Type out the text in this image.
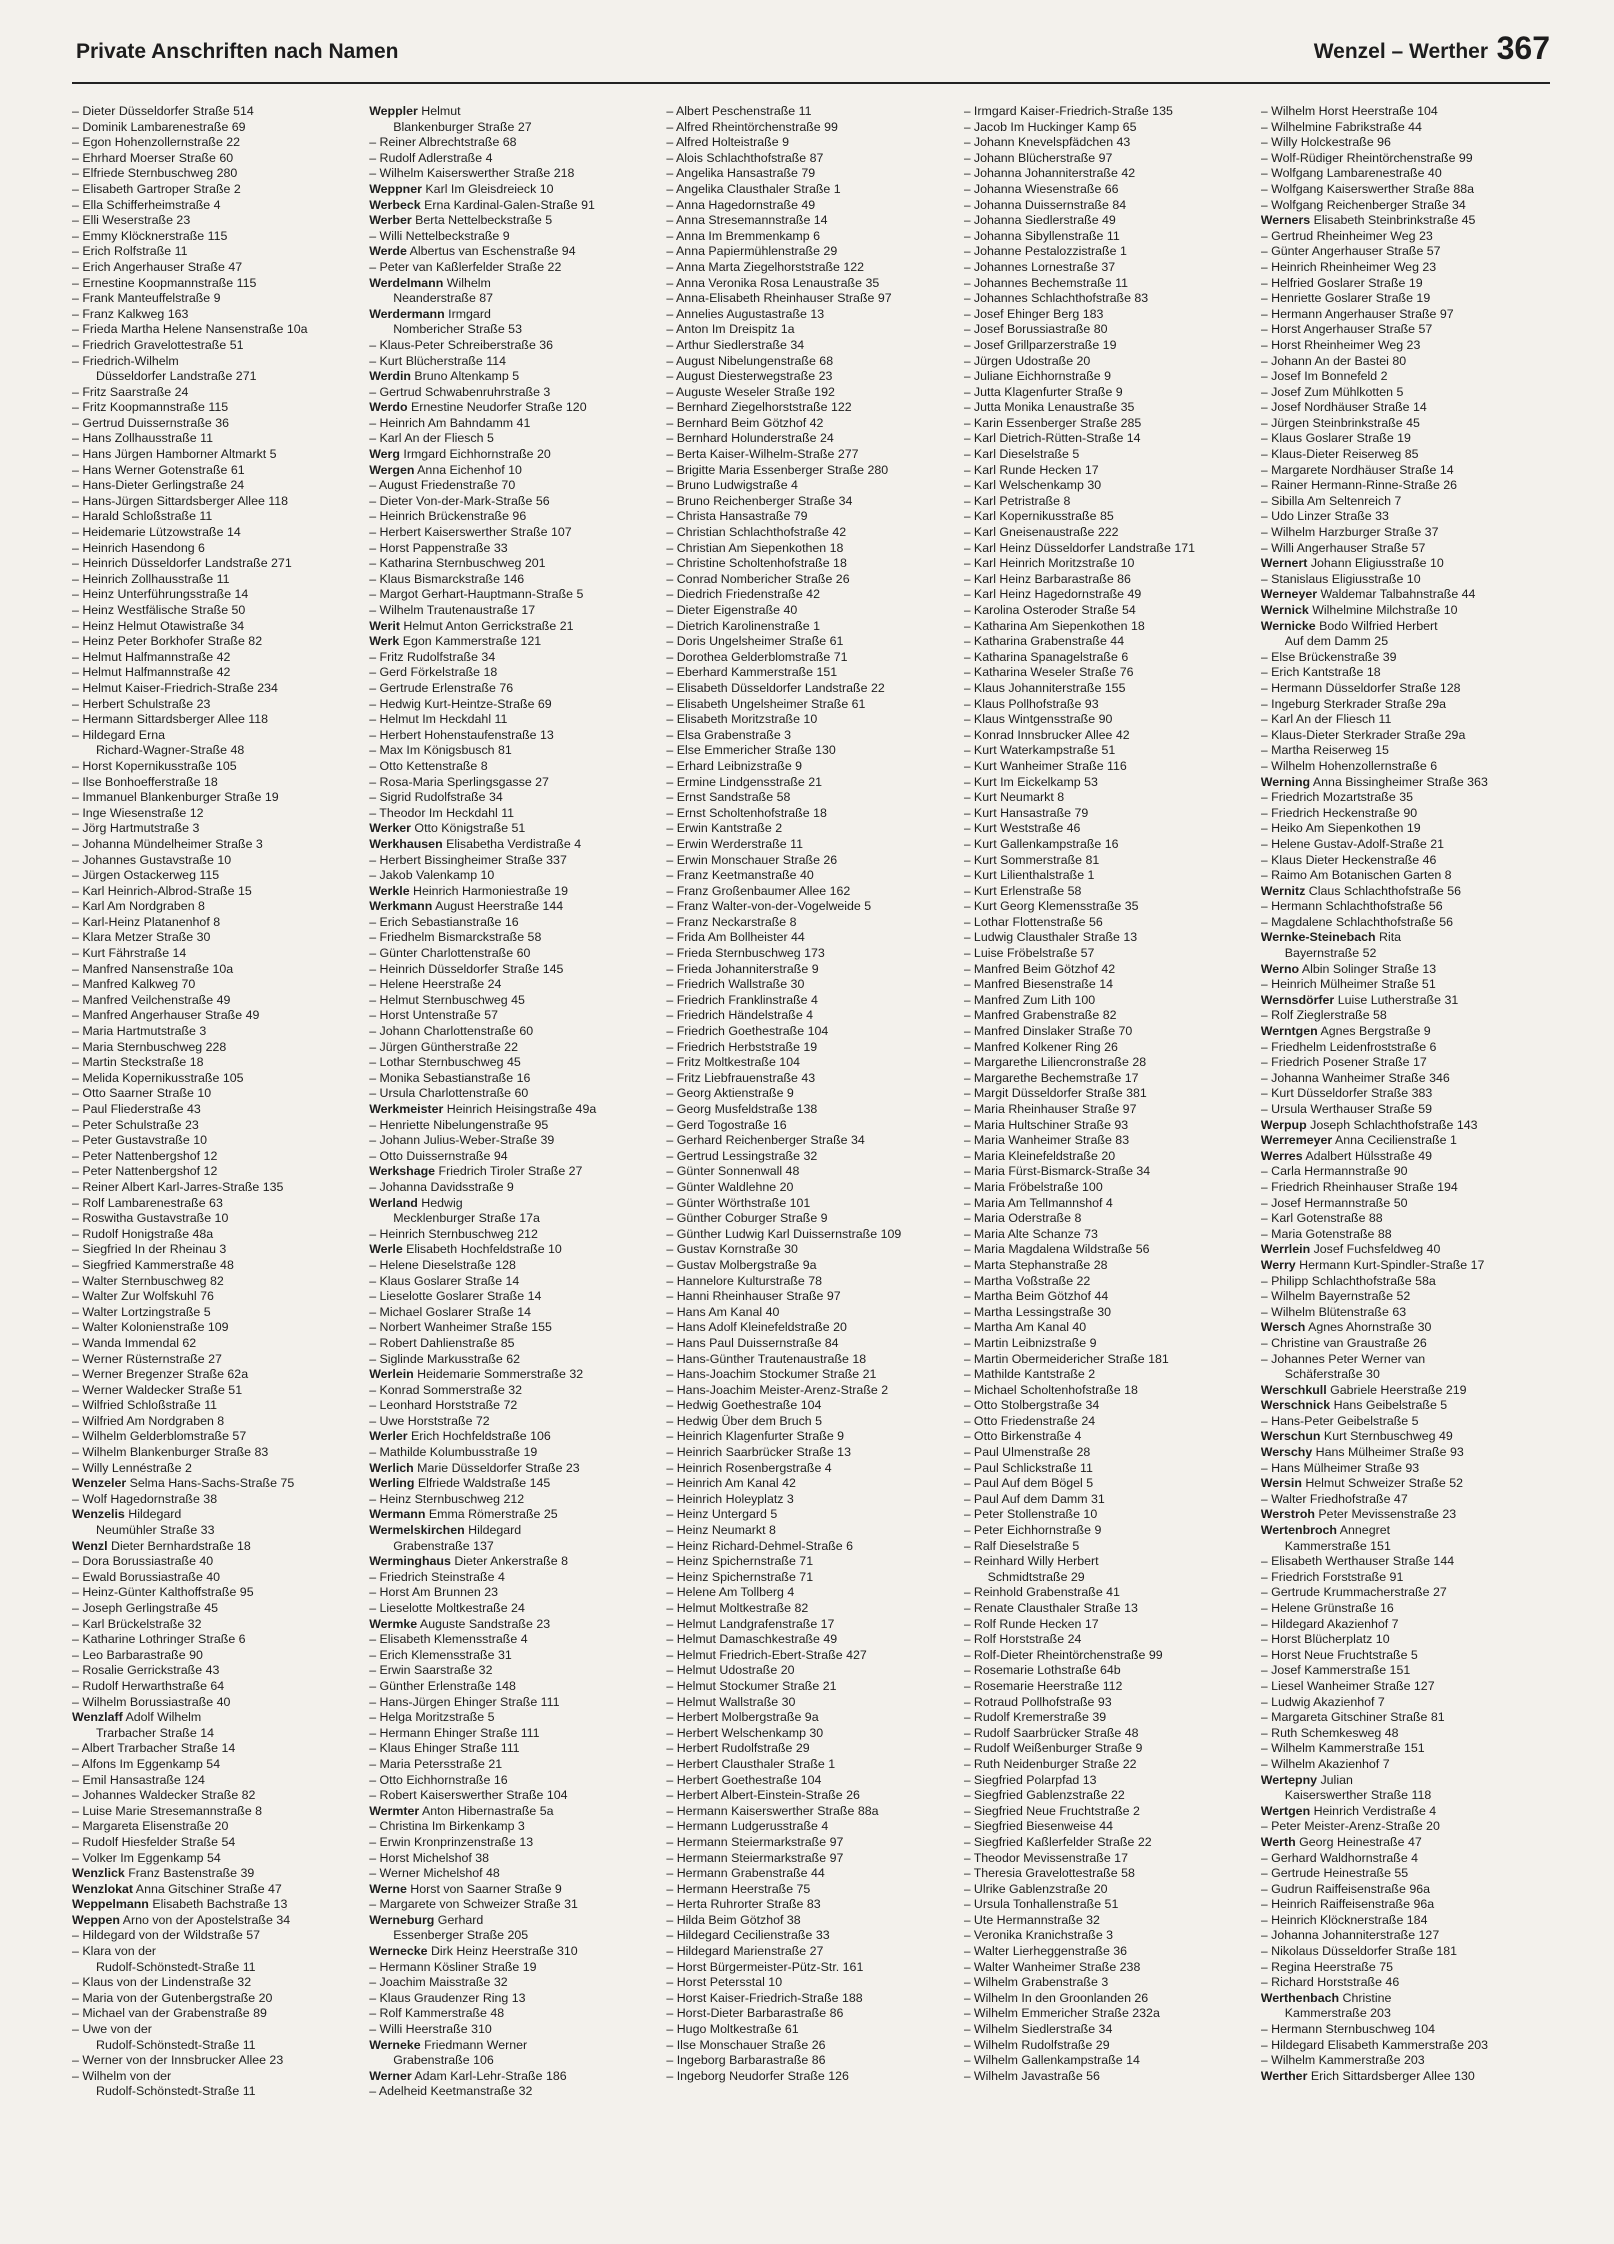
Private Anschriften nach Namen	Wenzel – Werther 367
– Dieter Düsseldorfer Straße 514
– Dominik Lambarenestraße 69
– Egon Hohenzollernstraße 22
– Ehrhard Moerser Straße 60
– Elfriede Sternbuschweg 280
– Elisabeth Gartroper Straße 2
– Ella Schifferheimstraße 4
– Elli Weserstraße 23
– Emmy Klöcknerstraße 115
– Erich Rolfstraße 11
– Erich Angerhauser Straße 47
– Ernestine Koopmannstraße 115
– Frank Manteuffelstraße 9
– Franz Kalkweg 163
– Frieda Martha Helene Nansenstraße 10a
– Friedrich Gravelottestraße 51
– Friedrich-Wilhelm
Düsseldorfer Landstraße 271
– Fritz Saarstraße 24
– Fritz Koopmannstraße 115
– Gertrud Duissernstraße 36
– Hans Zollhausstraße 11
– Hans Jürgen Hamborner Altmarkt 5
– Hans Werner Gotenstraße 61
– Hans-Dieter Gerlingstraße 24
– Hans-Jürgen Sittardsberger Allee 118
– Harald Schloßstraße 11
– Heidemarie Lützowstraße 14
– Heinrich Hasendong 6
– Heinrich Düsseldorfer Landstraße 271
– Heinrich Zollhausstraße 11
– Heinz Unterführungsstraße 14
– Heinz Westfälische Straße 50
– Heinz Helmut Otawistraße 34
– Heinz Peter Borkhofer Straße 82
– Helmut Halfmannstraße 42
– Helmut Halfmannstraße 42
– Helmut Kaiser-Friedrich-Straße 234
– Herbert Schulstraße 23
– Hermann Sittardsberger Allee 118
– Hildegard Erna
Richard-Wagner-Straße 48
– Horst Kopernikusstraße 105
– Ilse Bonhoefferstraße 18
– Immanuel Blankenburger Straße 19
– Inge Wiesenstraße 12
– Jörg Hartmutstraße 3
– Johanna Mündelheimer Straße 3
– Johannes Gustavstraße 10
– Jürgen Ostackerweg 115
– Karl Heinrich-Albrod-Straße 15
– Karl Am Nordgraben 8
– Karl-Heinz Platanenhof 8
– Klara Metzer Straße 30
– Kurt Fährstraße 14
– Manfred Nansenstraße 10a
– Manfred Kalkweg 70
– Manfred Veilchenstraße 49
– Manfred Angerhauser Straße 49
– Maria Hartmutstraße 3
– Maria Sternbuschweg 228
– Martin Steckstraße 18
– Melida Kopernikusstraße 105
– Otto Saarner Straße 10
– Paul Fliederstraße 43
– Peter Schulstraße 23
– Peter Gustavstraße 10
– Peter Nattenbergshof 12
– Peter Nattenbergshof 12
– Reiner Albert Karl-Jarres-Straße 135
– Rolf Lambarenestraße 63
– Roswitha Gustavstraße 10
– Rudolf Honigstraße 48a
– Siegfried In der Rheinau 3
– Siegfried Kammerstraße 48
– Walter Sternbuschweg 82
– Walter Zur Wolfskuhl 76
– Walter Lortzingstraße 5
– Walter Kolonienstraße 109
– Wanda Immendal 62
– Werner Rüsternstraße 27
– Werner Bregenzer Straße 62a
– Werner Waldecker Straße 51
– Wilfried Schloßstraße 11
– Wilfried Am Nordgraben 8
– Wilhelm Gelderblomstraße 57
– Wilhelm Blankenburger Straße 83
– Willy Lennéstraße 2
Wenzeler Selma Hans-Sachs-Straße 75
– Wolf Hagedornstraße 38
Wenzelis Hildegard
Neumühler Straße 33
Wenzl Dieter Bernhardstraße 18
– Dora Borussiastraße 40
– Ewald Borussiastraße 40
– Heinz-Günter Kalthoffstraße 95
– Joseph Gerlingstraße 45
– Karl Brückelstraße 32
– Katharine Lothringer Straße 6
– Leo Barbarastraße 90
– Rosalie Gerrickstraße 43
– Rudolf Herwarthstraße 64
– Wilhelm Borussiastraße 40
Wenzlaff Adolf Wilhelm
Trarbacher Straße 14
– Albert Trarbacher Straße 14
– Alfons Im Eggenkamp 54
– Emil Hansastraße 124
– Johannes Waldecker Straße 82
– Luise Marie Stresemannstraße 8
– Margareta Elisenstraße 20
– Rudolf Hiesfelder Straße 54
– Volker Im Eggenkamp 54
Wenzlick Franz Bastenstraße 39
Wenzlokat Anna Gitschiner Straße 47
Weppelmann Elisabeth Bachstraße 13
Weppen Arno von der Apostelstraße 34
– Hildegard von der Wildstraße 57
– Klara von der
Rudolf-Schönstedt-Straße 11
– Klaus von der Lindenstraße 32
– Maria von der Gutenbergstraße 20
– Michael van der Grabenstraße 89
– Uwe von der
Rudolf-Schönstedt-Straße 11
– Werner von der Innsbrucker Allee 23
– Wilhelm von der
Rudolf-Schönstedt-Straße 11
Weppler Helmut
Blankenburger Straße 27
– Reiner Albrechtstraße 68
– Rudolf Adlerstraße 4
– Wilhelm Kaiserswerther Straße 218
Weppner Karl Im Gleisdreieck 10
Werbeck Erna Kardinal-Galen-Straße 91
Werber Berta Nettelbeckstraße 5
– Willi Nettelbeckstraße 9
Werde Albertus van Eschenstraße 94
– Peter van Kaßlerfelder Straße 22
Werdelmann Wilhelm
Neanderstraße 87
Werdermann Irmgard
Nombericher Straße 53
– Klaus-Peter Schreiberstraße 36
– Kurt Blücherstraße 114
Werdin Bruno Altenkamp 5
– Gertrud Schwabenruhrstraße 3
Werdo Ernestine Neudorfer Straße 120
– Heinrich Am Bahndamm 41
– Karl An der Fliesch 5
Werg Irmgard Eichhornstraße 20
Wergen Anna Eichenhof 10
– August Friedenstraße 70
– Dieter Von-der-Mark-Straße 56
– Heinrich Brückenstraße 96
– Herbert Kaiserswerther Straße 107
– Horst Pappenstraße 33
– Katharina Sternbuschweg 201
– Klaus Bismarckstraße 146
– Margot Gerhart-Hauptmann-Straße 5
– Wilhelm Trautenaustraße 17
Werit Helmut Anton Gerrickstraße 21
Werk Egon Kammerstraße 121
– Fritz Rudolfstraße 34
– Gerd Förkelstraße 18
– Gertrude Erlenstraße 76
– Hedwig Kurt-Heintze-Straße 69
– Helmut Im Heckdahl 11
– Herbert Hohenstaufenstraße 13
– Max Im Königsbusch 81
– Otto Kettenstraße 8
– Rosa-Maria Sperlingsgasse 27
– Sigrid Rudolfstraße 34
– Theodor Im Heckdahl 11
Werker Otto Königstraße 51
Werkhausen Elisabetha Verdistraße 4
– Herbert Bissingheimer Straße 337
– Jakob Valenkamp 10
Werkle Heinrich Harmoniestraße 19
Werkmann August Heerstraße 144
– Erich Sebastianstraße 16
– Friedhelm Bismarckstraße 58
– Günter Charlottenstraße 60
– Heinrich Düsseldorfer Straße 145
– Helene Heerstraße 24
– Helmut Sternbuschweg 45
– Horst Untenstraße 57
– Johann Charlottenstraße 60
– Jürgen Güntherstraße 22
– Lothar Sternbuschweg 45
– Monika Sebastianstraße 16
– Ursula Charlottenstraße 60
Werkmeister Heinrich Heisingstraße 49a
– Henriette Nibelungenstraße 95
– Johann Julius-Weber-Straße 39
– Otto Duissernstraße 94
Werkshage Friedrich Tiroler Straße 27
– Johanna Davidsstraße 9
Werland Hedwig
Mecklenburger Straße 17a
– Heinrich Sternbuschweg 212
Werle Elisabeth Hochfeldstraße 10
– Helene Dieselstraße 128
– Klaus Goslarer Straße 14
– Lieselotte Goslarer Straße 14
– Michael Goslarer Straße 14
– Norbert Wanheimer Straße 155
– Robert Dahlienstraße 85
– Siglinde Markusstraße 62
Werlein Heidemarie Sommerstraße 32
– Konrad Sommerstraße 32
– Leonhard Horststraße 72
– Uwe Horststraße 72
Werler Erich Hochfeldstraße 106
– Mathilde Kolumbusstraße 19
Werlich Marie Düsseldorfer Straße 23
Werling Elfriede Waldstraße 145
– Heinz Sternbuschweg 212
Wermann Emma Römerstraße 25
Wermelskirchen Hildegard
Grabenstraße 137
Werminghaus Dieter Ankerstraße 8
– Friedrich Steinstraße 4
– Horst Am Brunnen 23
– Lieselotte Moltkestraße 24
Wermke Auguste Sandstraße 23
– Elisabeth Klemensstraße 4
– Erich Klemensstraße 31
– Erwin Saarstraße 32
– Günther Erlenstraße 148
– Hans-Jürgen Ehinger Straße 111
– Helga Moritzstraße 5
– Hermann Ehinger Straße 111
– Klaus Ehinger Straße 111
– Maria Petersstraße 21
– Otto Eichhornstraße 16
– Robert Kaiserswerther Straße 104
Wermter Anton Hibernastraße 5a
– Christina Im Birkenkamp 3
– Erwin Kronprinzenstraße 13
– Horst Michelshof 38
– Werner Michelshof 48
Werne Horst von Saarner Straße 9
– Margarete von Schweizer Straße 31
Werneburg Gerhard
Essenberger Straße 205
Wernecke Dirk Heinz Heerstraße 310
– Hermann Kösliner Straße 19
– Joachim Maisstraße 32
– Klaus Graudenzer Ring 13
– Rolf Kammerstraße 48
– Willi Heerstraße 310
Werneke Friedmann Werner
Grabenstraße 106
Werner Adam Karl-Lehr-Straße 186
– Adelheid Keetmanstraße 32
– Albert Peschenstraße 11
– Alfred Rheintörchenstraße 99
– Alfred Holteistraße 9
– Alois Schlachthofstraße 87
– Angelika Hansastraße 79
– Angelika Clausthaler Straße 1
– Anna Hagedornstraße 49
– Anna Stresemannstraße 14
– Anna Im Bremmenkamp 6
– Anna Papiermühlenstraße 29
– Anna Marta Ziegelhorststraße 122
– Anna Veronika Rosa Lenaustraße 35
– Anna-Elisabeth Rheinhauser Straße 97
– Annelies Augustastraße 13
– Anton Im Dreispitz 1a
– Arthur Siedlerstraße 34
– August Nibelungenstraße 68
– August Diesterwegstraße 23
– Auguste Weseler Straße 192
– Bernhard Ziegelhorststraße 122
– Bernhard Beim Götzhof 42
– Bernhard Holunderstraße 24
– Berta Kaiser-Wilhelm-Straße 277
– Brigitte Maria Essenberger Straße 280
– Bruno Ludwigstraße 4
– Bruno Reichenberger Straße 34
– Christa Hansastraße 79
– Christian Schlachthofstraße 42
– Christian Am Siepenkothen 18
– Christine Scholtenhofstraße 18
– Conrad Nombericher Straße 26
– Diedrich Friedenstraße 42
– Dieter Eigenstraße 40
– Dietrich Karolinenstraße 1
– Doris Ungelsheimer Straße 61
– Dorothea Gelderblomstraße 71
– Eberhard Kammerstraße 151
– Elisabeth Düsseldorfer Landstraße 22
– Elisabeth Ungelsheimer Straße 61
– Elisabeth Moritzstraße 10
– Elsa Grabenstraße 3
– Else Emmericher Straße 130
– Erhard Leibnizstraße 9
– Ermine Lindgensstraße 21
– Ernst Sandstraße 58
– Ernst Scholtenhofstraße 18
– Erwin Kantstraße 2
– Erwin Werderstraße 11
– Erwin Monschauer Straße 26
– Franz Keetmanstraße 40
– Franz Großenbaumer Allee 162
– Franz Walter-von-der-Vogelweide 5
– Franz Neckarstraße 8
– Frida Am Bollheister 44
– Frieda Sternbuschweg 173
– Frieda Johanniterstraße 9
– Friedrich Wallstraße 30
– Friedrich Franklinstraße 4
– Friedrich Händelstraße 4
– Friedrich Goethestraße 104
– Friedrich Herbststraße 19
– Fritz Moltkestraße 104
– Fritz Liebfrauenstraße 43
– Georg Aktienstraße 9
– Georg Musfeldstraße 138
– Gerd Togostraße 16
– Gerhard Reichenberger Straße 34
– Gertrud Lessingstraße 32
– Günter Sonnenwall 48
– Günter Waldlehne 20
– Günter Wörthstraße 101
– Günther Coburger Straße 9
– Günther Ludwig Karl Duissernstraße 109
– Gustav Kornstraße 30
– Gustav Molbergstraße 9a
– Hannelore Kulturstraße 78
– Hanni Rheinhauser Straße 97
– Hans Am Kanal 40
– Hans Adolf Kleinefeldstraße 20
– Hans Paul Duissernstraße 84
– Hans-Günther Trautenaustraße 18
– Hans-Joachim Stockumer Straße 21
– Hans-Joachim Meister-Arenz-Straße 2
– Hedwig Goethestraße 104
– Hedwig Über dem Bruch 5
– Heinrich Klagenfurter Straße 9
– Heinrich Saarbrücker Straße 13
– Heinrich Rosenbergstraße 4
– Heinrich Am Kanal 42
– Heinrich Holeyplatz 3
– Heinz Untergard 5
– Heinz Neumarkt 8
– Heinz Richard-Dehmel-Straße 6
– Heinz Spichernstraße 71
– Heinz Spichernstraße 71
– Helene Am Tollberg 4
– Helmut Moltkestraße 82
– Helmut Landgrafenstraße 17
– Helmut Damaschkestraße 49
– Helmut Friedrich-Ebert-Straße 427
– Helmut Udostraße 20
– Helmut Stockumer Straße 21
– Helmut Wallstraße 30
– Herbert Molbergstraße 9a
– Herbert Welschenkamp 30
– Herbert Rudolfstraße 29
– Herbert Clausthaler Straße 1
– Herbert Goethestraße 104
– Herbert Albert-Einstein-Straße 26
– Hermann Kaiserswerther Straße 88a
– Hermann Ludgerusstraße 4
– Hermann Steiermarkstraße 97
– Hermann Steiermarkstraße 97
– Hermann Grabenstraße 44
– Hermann Heerstraße 75
– Herta Ruhrorter Straße 83
– Hilda Beim Götzhof 38
– Hildegard Cecilienstraße 33
– Hildegard Marienstraße 27
– Horst Bürgermeister-Pütz-Str. 161
– Horst Petersstal 10
– Horst Kaiser-Friedrich-Straße 188
– Horst-Dieter Barbarastraße 86
– Hugo Moltkestraße 61
– Ilse Monschauer Straße 26
– Ingeborg Barbarastraße 86
– Ingeborg Neudorfer Straße 126
– Irmgard Kaiser-Friedrich-Straße 135
– Jacob Im Huckinger Kamp 65
– Johann Knevelspfädchen 43
– Johann Blücherstraße 97
– Johanna Johanniterstraße 42
– Johanna Wiesenstraße 66
– Johanna Duissernstraße 84
– Johanna Siedlerstraße 49
– Johanna Sibyllenstraße 11
– Johanne Pestalozzistraße 1
– Johannes Lornestraße 37
– Johannes Bechemstraße 11
– Johannes Schlachthofstraße 83
– Josef Ehinger Berg 183
– Josef Borussiastraße 80
– Josef Grillparzerstraße 19
– Jürgen Udostraße 20
– Juliane Eichhornstraße 9
– Jutta Klagenfurter Straße 9
– Jutta Monika Lenaustraße 35
– Karin Essenberger Straße 285
– Karl Dietrich-Rütten-Straße 14
– Karl Dieselstraße 5
– Karl Runde Hecken 17
– Karl Welschenkamp 30
– Karl Petristraße 8
– Karl Kopernikusstraße 85
– Karl Gneisenaustraße 222
– Karl Heinz Düsseldorfer Landstraße 171
– Karl Heinrich Moritzstraße 10
– Karl Heinz Barbarastraße 86
– Karl Heinz Hagedornstraße 49
– Karolina Osteroder Straße 54
– Katharina Am Siepenkothen 18
– Katharina Grabenstraße 44
– Katharina Spanagelstraße 6
– Katharina Weseler Straße 76
– Klaus Johanniterstraße 155
– Klaus Pollhofstraße 93
– Klaus Wintgensstraße 90
– Konrad Innsbrucker Allee 42
– Kurt Waterkampstraße 51
– Kurt Wanheimer Straße 116
– Kurt Im Eickelkamp 53
– Kurt Neumarkt 8
– Kurt Hansastraße 79
– Kurt Weststraße 46
– Kurt Gallenkampstraße 16
– Kurt Sommerstraße 81
– Kurt Lilienthalstraße 1
– Kurt Erlenstraße 58
– Kurt Georg Klemensstraße 35
– Lothar Flottenstraße 56
– Ludwig Clausthaler Straße 13
– Luise Fröbelstraße 57
– Manfred Beim Götzhof 42
– Manfred Biesenstraße 14
– Manfred Zum Lith 100
– Manfred Grabenstraße 82
– Manfred Dinslaker Straße 70
– Manfred Kolkener Ring 26
– Margarethe Liliencronstraße 28
– Margarethe Bechemstraße 17
– Margit Düsseldorfer Straße 381
– Maria Rheinhauser Straße 97
– Maria Hultschiner Straße 93
– Maria Wanheimer Straße 83
– Maria Kleinefeldstraße 20
– Maria Fürst-Bismarck-Straße 34
– Maria Fröbelstraße 100
– Maria Am Tellmannshof 4
– Maria Oderstraße 8
– Maria Alte Schanze 73
– Maria Magdalena Wildstraße 56
– Marta Stephanstraße 28
– Martha Voßstraße 22
– Martha Beim Götzhof 44
– Martha Lessingstraße 30
– Martha Am Kanal 40
– Martin Leibnizstraße 9
– Martin Obermeidericher Straße 181
– Mathilde Kantstraße 2
– Michael Scholtenhofstraße 18
– Otto Stolbergstraße 34
– Otto Friedenstraße 24
– Otto Birkenstraße 4
– Paul Ulmenstraße 28
– Paul Schlickstraße 11
– Paul Auf dem Bögel 5
– Paul Auf dem Damm 31
– Peter Stollenstraße 10
– Peter Eichhornstraße 9
– Ralf Dieselstraße 5
– Reinhard Willy Herbert
Schmidtstraße 29
– Reinhold Grabenstraße 41
– Renate Clausthaler Straße 13
– Rolf Runde Hecken 17
– Rolf Horststraße 24
– Rolf-Dieter Rheintörchenstraße 99
– Rosemarie Lothstraße 64b
– Rosemarie Heerstraße 112
– Rotraud Pollhofstraße 93
– Rudolf Kremerstraße 39
– Rudolf Saarbrücker Straße 48
– Rudolf Weißenburger Straße 9
– Ruth Neidenburger Straße 22
– Siegfried Polarpfad 13
– Siegfried Gablenzstraße 22
– Siegfried Neue Fruchtstraße 2
– Siegfried Biesenweise 44
– Siegfried Kaßlerfelder Straße 22
– Theodor Mevissenstraße 17
– Theresia Gravelottestraße 58
– Ulrike Gablenzstraße 20
– Ursula Tonhallenstraße 51
– Ute Hermannstraße 32
– Veronika Kranichstraße 3
– Walter Lierheggenstraße 36
– Walter Wanheimer Straße 238
– Wilhelm Grabenstraße 3
– Wilhelm In den Groonlanden 26
– Wilhelm Emmericher Straße 232a
– Wilhelm Siedlerstraße 34
– Wilhelm Rudolfstraße 29
– Wilhelm Gallenkampstraße 14
– Wilhelm Javastraße 56
– Wilhelm Horst Heerstraße 104
– Wilhelmine Fabrikstraße 44
– Willy Holckestraße 96
– Wolf-Rüdiger Rheintörchenstraße 99
– Wolfgang Lambarenestraße 40
– Wolfgang Kaiserswerther Straße 88a
– Wolfgang Reichenberger Straße 34
Werners Elisabeth Steinbrinkstraße 45
– Gertrud Rheinheimer Weg 23
– Günter Angerhauser Straße 57
– Heinrich Rheinheimer Weg 23
– Helfried Goslarer Straße 19
– Henriette Goslarer Straße 19
– Hermann Angerhauser Straße 97
– Horst Angerhauser Straße 57
– Horst Rheinheimer Weg 23
– Johann An der Bastei 80
– Josef Im Bonnefeld 2
– Josef Zum Mühlkotten 5
– Josef Nordhäuser Straße 14
– Jürgen Steinbrinkstraße 45
– Klaus Goslarer Straße 19
– Klaus-Dieter Reiserweg 85
– Margarete Nordhäuser Straße 14
– Rainer Hermann-Rinne-Straße 26
– Sibilla Am Seltenreich 7
– Udo Linzer Straße 33
– Wilhelm Harzburger Straße 37
– Willi Angerhauser Straße 57
Wernert Johann Eligiusstraße 10
– Stanislaus Eligiusstraße 10
Werneyer Waldemar Talbahnstraße 44
Wernick Wilhelmine Milchstraße 10
Wernicke Bodo Wilfried Herbert
Auf dem Damm 25
– Else Brückenstraße 39
– Erich Kantstraße 18
– Hermann Düsseldorfer Straße 128
– Ingeburg Sterkrader Straße 29a
– Karl An der Fliesch 11
– Klaus-Dieter Sterkrader Straße 29a
– Martha Reiserweg 15
– Wilhelm Hohenzollernstraße 6
Werning Anna Bissingheimer Straße 363
– Friedrich Mozartstraße 35
– Friedrich Heckenstraße 90
– Heiko Am Siepenkothen 19
– Helene Gustav-Adolf-Straße 21
– Klaus Dieter Heckenstraße 46
– Raimo Am Botanischen Garten 8
Wernitz Claus Schlachthofstraße 56
– Hermann Schlachthofstraße 56
– Magdalene Schlachthofstraße 56
Wernke-Steinebach Rita
Bayernstraße 52
Werno Albin Solinger Straße 13
– Heinrich Mülheimer Straße 51
Wernsdörfer Luise Lutherstraße 31
– Rolf Zieglerstraße 58
Werntgen Agnes Bergstraße 9
– Friedhelm Leidenfroststraße 6
– Friedrich Posener Straße 17
– Johanna Wanheimer Straße 346
– Kurt Düsseldorfer Straße 383
– Ursula Werthauser Straße 59
Werpup Joseph Schlachthofstraße 143
Werremeyer Anna Cecilienstraße 1
Werres Adalbert Hülsstraße 49
– Carla Hermannstraße 90
– Friedrich Rheinhauser Straße 194
– Josef Hermannstraße 50
– Karl Gotenstraße 88
– Maria Gotenstraße 88
Werrlein Josef Fuchsfeldweg 40
Werry Hermann Kurt-Spindler-Straße 17
– Philipp Schlachthofstraße 58a
– Wilhelm Bayernstraße 52
– Wilhelm Blütenstraße 63
Wersch Agnes Ahornstraße 30
– Christine van Graustraße 26
– Johannes Peter Werner van
Schäferstraße 30
Werschkull Gabriele Heerstraße 219
Werschnick Hans Geibelstraße 5
– Hans-Peter Geibelstraße 5
Werschun Kurt Sternbuschweg 49
Werschy Hans Mülheimer Straße 93
– Hans Mülheimer Straße 93
Wersin Helmut Schweizer Straße 52
– Walter Friedhofstraße 47
Werstroh Peter Mevissenstraße 23
Wertenbroch Annegret
Kammerstraße 151
– Elisabeth Werthauser Straße 144
– Friedrich Forststraße 91
– Gertrude Krummacherstraße 27
– Helene Grünstraße 16
– Hildegard Akazienhof 7
– Horst Blücherplatz 10
– Horst Neue Fruchtstraße 5
– Josef Kammerstraße 151
– Liesel Wanheimer Straße 127
– Ludwig Akazienhof 7
– Margareta Gitschiner Straße 81
– Ruth Schemkesweg 48
– Wilhelm Kammerstraße 151
– Wilhelm Akazienhof 7
Wertepny Julian
Kaiserswerther Straße 118
Wertgen Heinrich Verdistraße 4
– Peter Meister-Arenz-Straße 20
Werth Georg Heinestraße 47
– Gerhard Waldhornstraße 4
– Gertrude Heinestraße 55
– Gudrun Raiffeisenstraße 96a
– Heinrich Raiffeisenstraße 96a
– Heinrich Klöcknerstraße 184
– Johanna Johanniterstraße 127
– Nikolaus Düsseldorfer Straße 181
– Regina Heerstraße 75
– Richard Horststraße 46
Werthenbach Christine
Kammerstraße 203
– Hermann Sternbuschweg 104
– Hildegard Elisabeth Kammerstraße 203
– Wilhelm Kammerstraße 203
Werther Erich Sittardsberger Allee 130
